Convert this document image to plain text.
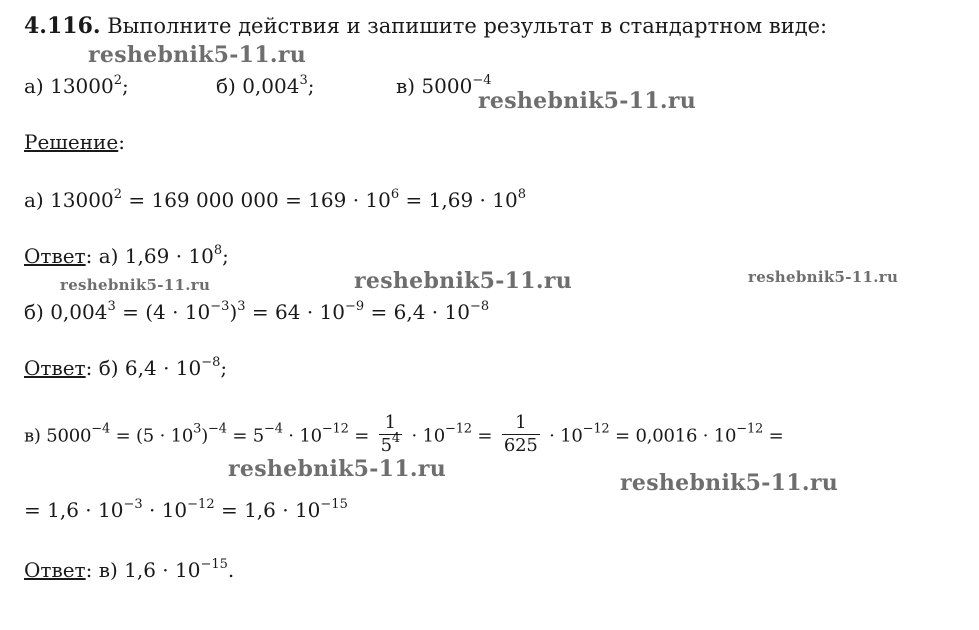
4.116. Выполните действия и запишите результат в стандартном виде:
а) 13000$^2$;	б) 0,004$^3$;	в) $5000^{-4}$
Решение:
а) $13000^2 = 169$ 000 $000 = 169 \cdot 10^6 = 1,69 \cdot 10^8$
Ответ: а) $1,69 \cdot 10^8$;
б) $0,004^3 = (4 \cdot 10^{-3})^3 = 64 \cdot 10^{-9} = 6,4 \cdot 10^{-8}$
Ответ: б) $6,4 \cdot 10^{-8}$;
в) $5000^{-4} = (5 \cdot 10^3)^{-4} = 5^{-4} \cdot 10^{-12} = \frac{1}{5^4} \cdot 10^{-12} = \frac{1}{625} \cdot 10^{-12} = 0,0016 \cdot 10^{-12}$ =
= $1,6 \cdot 10^{-3} \cdot 10^{-12} = 1,6 \cdot 10^{-15}$
Ответ: в) $1,6 \cdot 10^{-15}$.
reshebnik5-11.ru
reshebnik5-11.ru
reshebnik5-11.ru	reshebnik5-11.ru	reshebnik5-11.ru
reshebnik5-11.ru
reshebnik5-11.ru
